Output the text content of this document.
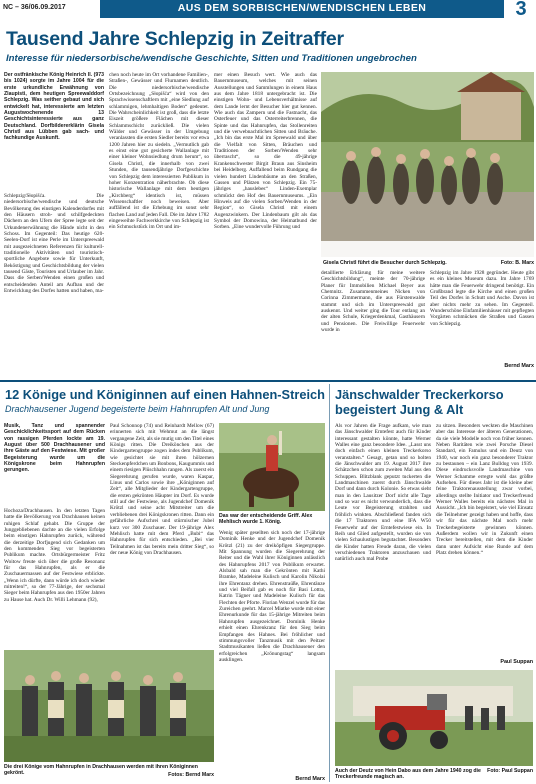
NC – 36/06.09.2017	AUS DEM SORBISCHEN/WENDISCHEN LEBEN	3
Tausend Jahre Schlepzig in Zeitraffer
Interesse für niedersorbische/wendische Geschichte, Sitten und Traditionen ungebrochen
Der ostfränkische König Heinrich II. (973 bis 1024) sorgte im Jahre 1004 für die erste urkundliche Erwähnung von Zlaupisti, dem heutigen Spreewalddorf Schlepzig. Was seither gebaut und sich entwickelt hat, interessierte am letzten Augustwochenende 13 Geschichtsinteressierte aus ganz Deutschland. Dorfbildererklärin Gisela Christl aus Lübben gab sach- und fachkundige Auskunft.
Schlepzig/Słopišća. Die niedersorbische/wendische und deutsche Bevölkerung des einstigen Kalenderdorfes mit den Häusern stroh- und schilfgedeckten Dächern an den Ufern der Spree legte seit der Urkundenerwähnung die Hände nicht in den Schoss. Im Gegenteil: Das heutige 620-Seelen-Dorf ist eine Perle im Unterspreewald mit ausgezeichneten Referenzen für kulturell-traditionelle Aktivitäten und touristisch-sportliche Angebote sowie für Unterkunft, Beköstigung und Geschichtsbildung der vielen tausend Gäste, Touristen und Urlauber im Jahr. Dass die Serben/Wenden einen großen und entscheidenden Anteil am Aufbau und der Entwicklung des Dorfes hatten und haben, ma-
chen noch heute im Ort vorhandene Familien-, Straßen-, Gewässer und Flurnamen deutlich. Die niedersorbische/wendische Ortsbezeichnung „Słopišća“ wird von den Sprachwissenschaftlern mit „eine Siedlung auf schlammigen, lehmhaltigen Boden“ gedeutet. Die Wahrscheinlichkeit ist groß, dass die letzte Eiszeit größere Flächen mit dieser Schlammschicht zurückließ. Die vielen Wälder und Gewässer in der Umgebung veranlassten die ersten Siedler bereits vor etwa 1200 Jahren hier zu siedeln. „Vermutlich gab es einst eine gut gesicherte Wallanlage mit einer kleiner Wohnsiedlung drum herum“, so Gisela Christl, die innerhalb von zwei Stunden, die tausendjährige Dorfgeschichte von Schlepzig dem interessierten Publikum in hoher Konzentration näherbrachte. Ob diese historische Wallanlage mit dem heutigen „Kirchberg“ identisch ist, müssen Wissenschaftler noch beweisen. Aber auffällend ist die Erhebung im sonst sehr flachen Land auf jeden Fall. Die im Jahre 1782 eingeweihte Fachwerkkirche von Schlepzig ist ein Schmuckstück im Ort und im-
mer einen Besuch wert. Wie auch das Bauernmuseum, welches mit seinen Ausstellungen und Sammlungen in einem Haus aus dem Jahre 1818 untergebracht ist. Die einstigen Wohn- und Lebensverhältnisse auf dem Lande lernt der Besucher hier gut kennen. Wie auch das Zampern und die Fastnacht, das Osterfeuer und das Osterreiterbrennen, die Spinte und das Hahnrupfen, das Stollenreiten und die verwebnachtlichen Sitten und Bräuche. „Ich bin das erste Mal im Spreewald und über die Vielfalt von Sitten, Bräuchen und Traditionen der Sorben/Wenden sehr überrascht“, so die 49-jährige Krankenschwester Birgit Braun aus Sinsheim bei Heidelberg. Auffallend beim Rundgang die vielen hundert Lindenbäume an den Straßen, Gassen und Plätzen von Schlepzig. Ein 75-jähriges „hauslebes“ Linden-Exemplar schmückt den Hof des Bauernmuseums. „Ein Hinweis auf die vielen Sorben/Wenden in der Region“, so Gisela Christl mit einem Augenzwinkern. Der Lindenbaum gilt als das Symbol der Domowina, der Heimatbund der Sorben. „Eine wundervolle Führung und
Gisela Christl führt die Besucher durch Schlepzig.	Foto: B. Marx
detaillierte Erklärung für meine weitere Geschichtsbildung“, meinte der 70-jährige Planer für Immobilien Michael Beyer aus Chemnitz. Zusammenmeines Nicken von Corinna Zimmermann, die aus Fürstenwalde stammt und sich im Unterspreewald gut auskennt. Und weiter ging die Tour entlang an der alten Schule, Kriegerdenkmal, Gasthäusern und Pensionen. Die Freiwillige Feuerwehr wurde in
Schlepzig im Jahre 1928 gegründet. Heute gibt es ein kleines Museum dazu. Im Jahre 1769 hätte man die Feuerwehr dringend benötigt. Ein Großbrand legte die Kirche und einen großen Teil des Dorfes in Schutt und Asche. Davon ist aber nichts mehr zu sehen. Im Gegenteil. Wunderschöne Einfamilienhäuser mit gepflegten Vorgärten schmücken die Straßen und Gassen von Schlepzig.
Bernd Marx
12 Könige und Königinnen auf einen Hahnen-Streich
Drachhausener Jugend begeisterte beim Hahnrupfen Alt und Jung
Musik, Tanz und spannender Geschicklichkeitssport auf dem Rücken von rassigen Pferden lockte am 19. August über 500 Drachhausener und ihre Gäste auf den Festwiese. Mit großer Begeisterung wurde um die Königskrone beim Hahnrupfen gerungen.
Hochoza/Drachhausen. In den letzten Tagen hatte die Bevölkerung von Drachhausen keinen ruhigen Schlaf gehabt. Die Gruppe der Junggebliebenen dachte an die vielen Erfolge beim einstigen Hahnrupfen zurück, während die derzeitige Dorfjugend sich Gedanken um den kommenden Sieg vor begeisterten Publikum machte. Ortsbürgermeister Fritz Woitow freute sich über die große Resonanz für das Hahnrupfen, als er die Zuschauermassen auf der Festwiese erblickte. „Wenn ich dürfte, dann würde ich doch wieder mitreiten!“, so der 77-Jährige, der sechsmal Sieger beim Hahnrupfen aus den 1950er Jahren zu Hause hat. Auch Dr. Willi Lehmann (92),
Paul Schonnop (74) und Reinhardt Mellow (67) erinnerten sich mit Wehmut an die längst vergangene Zeit, als sie mutig um den Titel eines Königs ritten. Die Dreikönchen aus der Kindergartengruppe zogen indes dem Publikum, wie gesichtet sie mit ihren hölzernen Steckenpferdchen um Bonbons, Kaugummis und einem riesigen Plüschhahn rangen. Als zuerst ein Siegerehrung gerufen wurde, waren Kaspar, Linus und Carlos sowie ihre „Königinnen auf Zeit“, alle Mitglieder der Kindergartengruppe, die ersten gekrönten Häupter im Dorf. Es wurde still auf der Festwiese, als Jugendchef Domenik Krötzl und seine acht Mitstreiter um die verbliebenen drei Königskronen ritten. Dann ein gefährliche Aufschrei und stürmischer Jubel kurz vor 300 Zuschauer. Der 19-jährige Alex Mehlisch hatte mit dem Pferd „Bubi“ das Hahnrupfen für sich entschieden. „Bei vier Teilnahmen ist das bereits mein dritter Sieg“, so der neue König von Drachhausen.
Das war der entscheidende Griff. Alex Mehlisch wurde 1. König.
Wenig später gesellten sich noch der 17-jährige Dominik Henke und der Jugendchef Domenik Krötzl (21) zu der dreiköpfigen Siegergruppe. Mit Spannung wurden die Siegerehrung der Reiter und die Wahl ihrer Königinnen anlässlich des Hahnrupfens 2017 von Publikum erwartet. Alsbald sah man die Gekrönten mit Kathi Bramke, Madeleine Kulisch und Karolin Nikolai ihre Ehrentanz drehen. Ehrenstraüße, Ehrentänze und viel Beifall gab es noch für Basi Lottra, Katrin Tägner und Madeleine Kulisch für das Flechten der Pforte. Florian Wenzel wurde für das Zureichen geehrt. Marcel Miatke wurde mit einer Ehrenurkunde für das 15-jährige Mitreiten beim Hahnrupfen ausgezeichnet. Dominik Henke erhielt einen Ehrenkranz für den Sieg beim Empfangen des Hahnes. Bei fröhlicher und stimmungsvoller Tanzmusik mit den Peitzer Stadtmusikanten ließen die Drachhausener den erfolgreichen „Krönungstag“ langsam ausklingen.
Die drei Könige vom Hahnrupfen in Drachhausen werden mit ihren Königinnen gekrönt.	Fotos: Bernd Marx
Bernd Marx
Jänschwalder Treckerkorso begeistert Jung & Alt
Als vor Jahren die Frage aufkam, wie man das Jänschwalder Erntefest auch für Kinder interessant gestalten könnte, hatte Werner Walles eine ganz besondere Idee. „Lasst uns doch einfach einen kleinen Treckerkorso veranstalten.“ Gesagt, getan und so holten die Jänschwalder am 19. August 2017 ihre Schätzchen schon zum zweiten Mal aus den Schuppen. Blitzblank geputzt tuckerten die Landmaschinen zuerst durch Jänschwalde Dorf und dann durch Kolonie. So etwas sieht man in den Lausitzer Dorf nicht alle Tage und so war es nicht verwunderlich, dass die Leute vor Begeisterung strahlten und fröhlich winkten. Abschließend fanden sich die 17 Traktoren und eine IFA W50 Feuerwehr auf der Erntefestwiese ein. In Reih und Glied aufgestellt, wurden sie von vielen Schaulustigen begutachtet. Besonders die Kinder hatten Freude daran, die vielen verschiedenen Traktoren anzuschauen und natürlich auch mal Probe
zu sitzen. Besonders weckten die Maschinen aber das Interesse der älteren Generationen, da sie viele Modelle noch von früher kennen. Neben Raritäten wie zwei Porsche Diesel Standard, ein Famulus und ein Deutz von 1940, war noch ein ganz besonderer Traktor zu bestaunen – ein Lanz Bulldog von 1939. Diese eindrucksvolle Landmaschine von Werner Schamme erregte wohl das größte Aufsehen. Für dieses Jahr ist die kleine aber feine Traktorenausstellung zwar vorbei, allerdings stellte Initiator und Treckerfreund Werner Walles bereits ein nächstes Mal in Aussicht. „Ich bin begeistert, wie viel Einsatz die Teilnehmer gezeigt haben und hoffe, dass wir für das nächste Mal noch mehr Treckerbegeisterte gewinnen können. Außerdem wollen wir in Zukunft einen Trecker bereitstellen, mit dem die Kinder dann unter Aufsicht eine Runde auf dem Platz drehen können.“
Paul Suppan
Auch der Deutz von Hein Dabo aus dem Jahre 1940 zog die Treckerfreunde magisch an.
Foto: Paul Suppan
